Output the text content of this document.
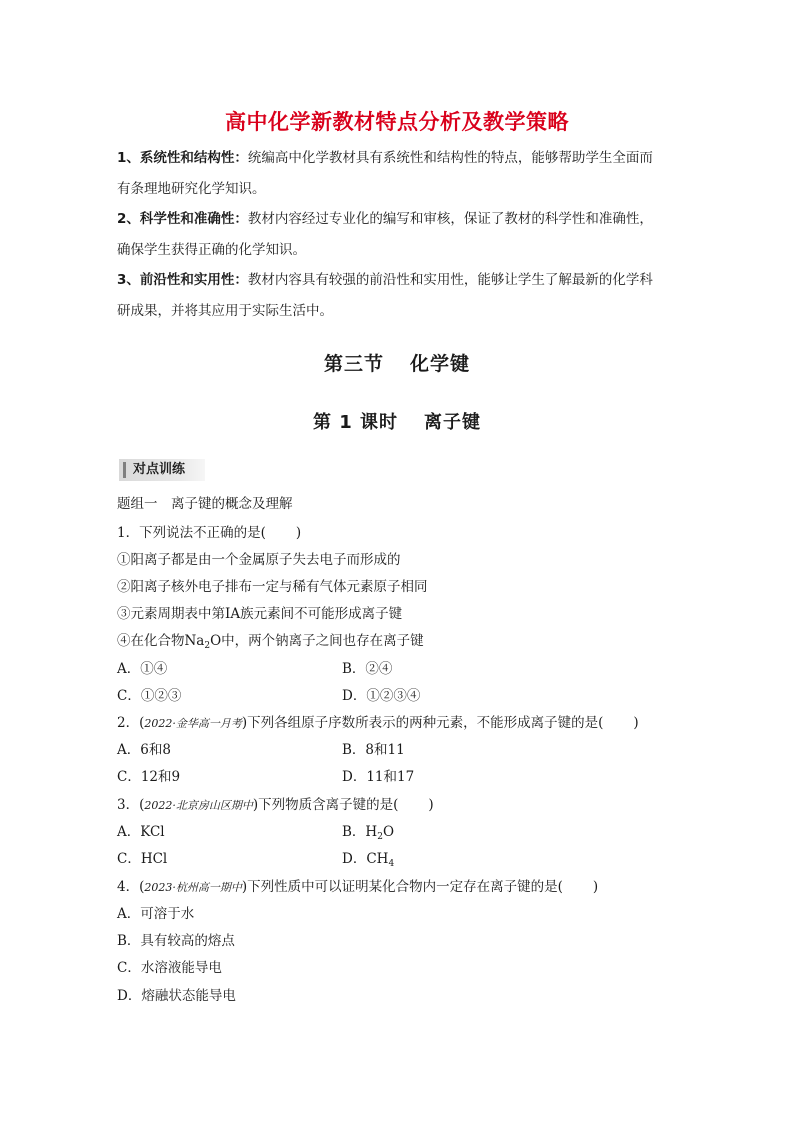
高中化学新教材特点分析及教学策略

1、系统性和结构性：统编高中化学教材具有系统性和结构性的特点，能够帮助学生全面而

有条理地研究化学知识。

2、科学性和准确性：教材内容经过专业化的编写和审核，保证了教材的科学性和准确性，

确保学生获得正确的化学知识。

3、前沿性和实用性：教材内容具有较强的前沿性和实用性，能够让学生了解最新的化学科

研成果，并将其应用于实际生活中。

第三节 化学键
第 1 课时 离子键
对点训练
题组一　离子键的概念及理解
1．下列说法不正确的是( )
①阳离子都是由一个金属原子失去电子而形成的
②阳离子核外电子排布一定与稀有气体元素原子相同
③元素周期表中第ⅠA族元素间不可能形成离子键
④在化合物$Na_2O$中，两个钠离子之间也存在离子键
A．①④	B．②④
C．①②③	D．①②③④
2．(2022·金华高一月考)下列各组原子序数所表示的两种元素，不能形成离子键的是( )
A．6和8	B．8和11
C．12和9	D．11和17
3．(2022·北京房山区期中)下列物质含离子键的是( )
A．KCl	B．$H_2O$
C．HCl	D．$CH_4$
4．(2023·杭州高一期中)下列性质中可以证明某化合物内一定存在离子键的是( )
A．可溶于水
B．具有较高的熔点
C．水溶液能导电
D．熔融状态能导电
